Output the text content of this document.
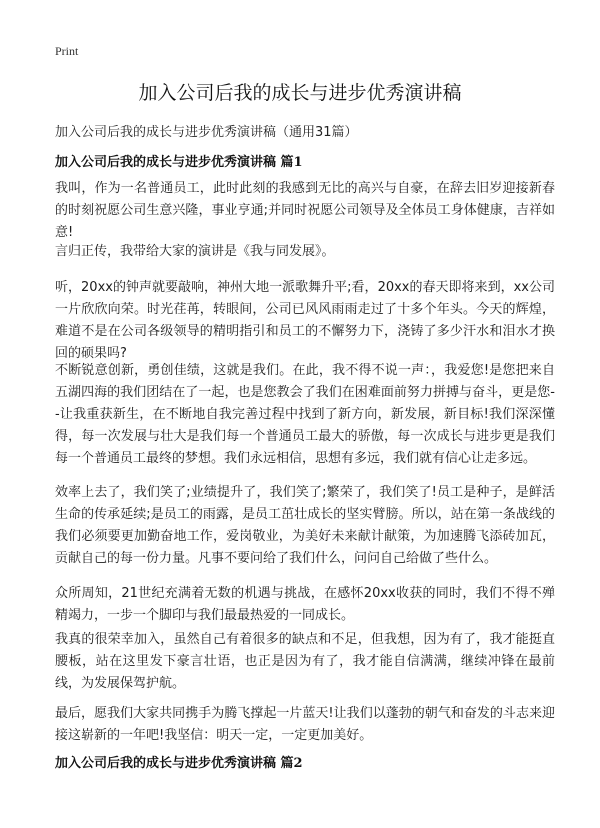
Print
加入公司后我的成长与进步优秀演讲稿
加入公司后我的成长与进步优秀演讲稿（通用31篇）
加入公司后我的成长与进步优秀演讲稿 篇1

我叫，作为一名普通员工，此时此刻的我感到无比的高兴与自豪，在辞去旧岁迎接新春的时刻祝愿公司生意兴隆，事业亨通;并同时祝愿公司领导及全体员工身体健康，吉祥如意!

言归正传，我带给大家的演讲是《我与同发展》。

听，20xx的钟声就要敲响，神州大地一派歌舞升平;看，20xx的春天即将来到，xx公司一片欣欣向荣。时光荏苒，转眼间，公司已风风雨雨走过了十多个年头。今天的辉煌，难道不是在公司各级领导的精明指引和员工的不懈努力下，浇铸了多少汗水和泪水才换回的硕果吗?

不断锐意创新，勇创佳绩，这就是我们。在此，我不得不说一声：，我爱您!是您把来自五湖四海的我们团结在了一起，也是您教会了我们在困难面前努力拼搏与奋斗，更是您--让我重获新生，在不断地自我完善过程中找到了新方向，新发展，新目标!我们深深懂得，每一次发展与壮大是我们每一个普通员工最大的骄傲，每一次成长与进步更是我们每一个普通员工最终的梦想。我们永远相信，思想有多远，我们就有信心让走多远。

效率上去了，我们笑了;业绩提升了，我们笑了;繁荣了，我们笑了!员工是种子，是鲜活生命的传承延续;是员工的雨露，是员工茁壮成长的坚实臂膀。所以，站在第一条战线的我们必须要更加勤奋地工作，爱岗敬业，为美好未来献计献策，为加速腾飞添砖加瓦，贡献自己的每一份力量。凡事不要问给了我们什么，问问自己给做了些什么。

众所周知，21世纪充满着无数的机遇与挑战，在感怀20xx收获的同时，我们不得不殚精竭力，一步一个脚印与我们最最热爱的一同成长。

我真的很荣幸加入，虽然自己有着很多的缺点和不足，但我想，因为有了，我才能挺直腰板，站在这里发下豪言壮语，也正是因为有了，我才能自信满满，继续冲锋在最前线，为发展保驾护航。

最后，愿我们大家共同携手为腾飞撑起一片蓝天!让我们以蓬勃的朝气和奋发的斗志来迎接这崭新的一年吧!我坚信：明天一定，一定更加美好。

加入公司后我的成长与进步优秀演讲稿 篇2
